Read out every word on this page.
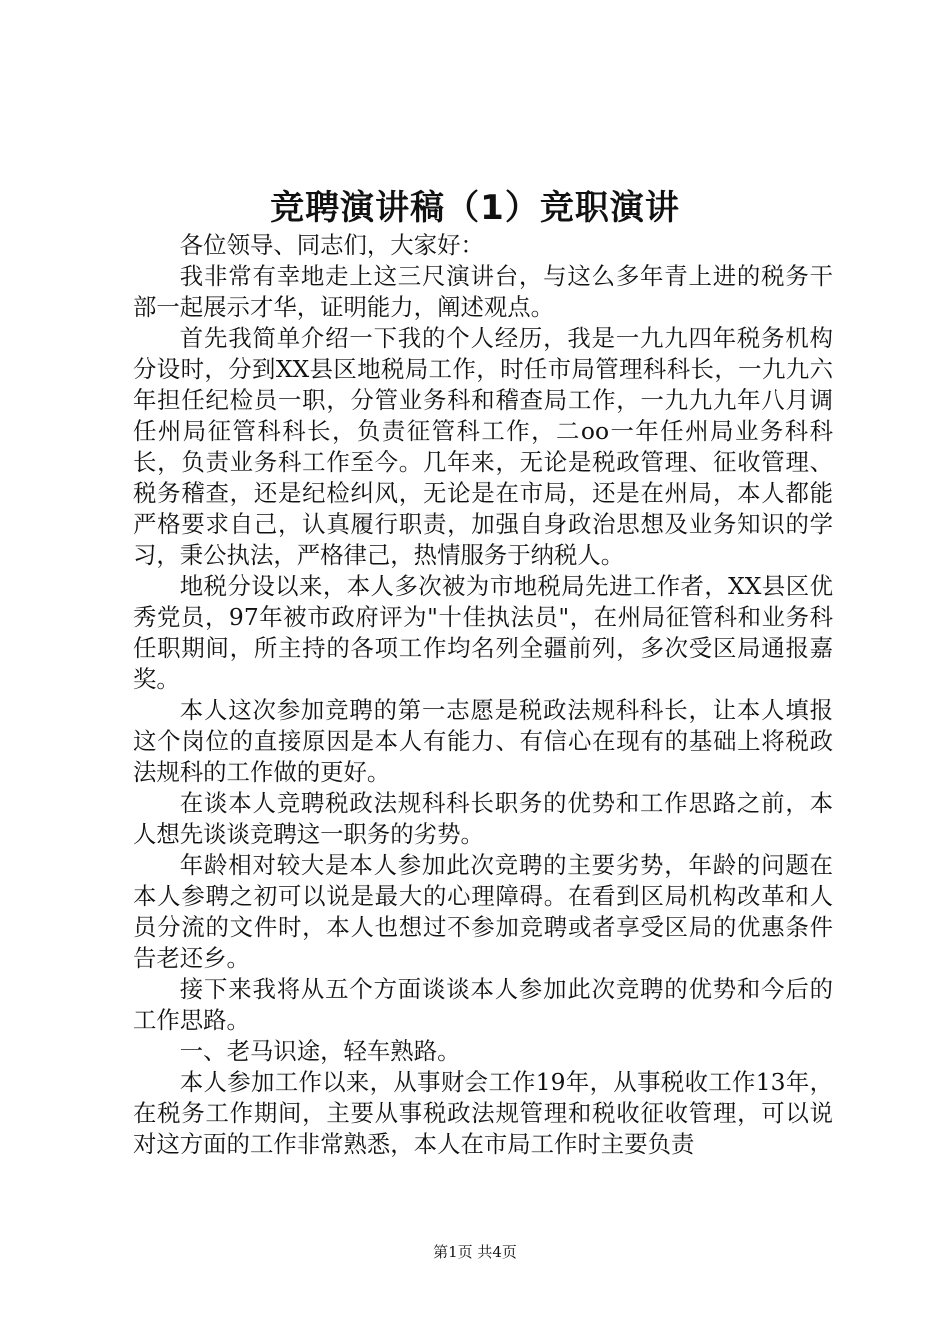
竞聘演讲稿（1）竞职演讲

各位领导、同志们，大家好：

我非常有幸地走上这三尺演讲台，与这么多年青上进的税务干部一起展示才华，证明能力，阐述观点。

首先我简单介绍一下我的个人经历，我是一九九四年税务机构分设时，分到XX县区地税局工作，时任市局管理科科长，一九九六年担任纪检员一职，分管业务科和稽查局工作，一九九九年八月调任州局征管科科长，负责征管科工作，二oo一年任州局业务科科长，负责业务科工作至今。几年来，无论是税政管理、征收管理、税务稽查，还是纪检纠风，无论是在市局，还是在州局，本人都能严格要求自己，认真履行职责，加强自身政治思想及业务知识的学习，秉公执法，严格律己，热情服务于纳税人。

地税分设以来，本人多次被为市地税局先进工作者，XX县区优秀党员，97年被市政府评为"十佳执法员"，在州局征管科和业务科任职期间，所主持的各项工作均名列全疆前列，多次受区局通报嘉奖。

本人这次参加竞聘的第一志愿是税政法规科科长，让本人填报这个岗位的直接原因是本人有能力、有信心在现有的基础上将税政法规科的工作做的更好。

在谈本人竞聘税政法规科科长职务的优势和工作思路之前，本人想先谈谈竞聘这一职务的劣势。

年龄相对较大是本人参加此次竞聘的主要劣势，年龄的问题在本人参聘之初可以说是最大的心理障碍。在看到区局机构改革和人员分流的文件时，本人也想过不参加竞聘或者享受区局的优惠条件告老还乡。

接下来我将从五个方面谈谈本人参加此次竞聘的优势和今后的工作思路。

一、老马识途，轻车熟路。

本人参加工作以来，从事财会工作19年，从事税收工作13年，在税务工作期间，主要从事税政法规管理和税收征收管理，可以说对这方面的工作非常熟悉，本人在市局工作时主要负责

第1页 共4页
